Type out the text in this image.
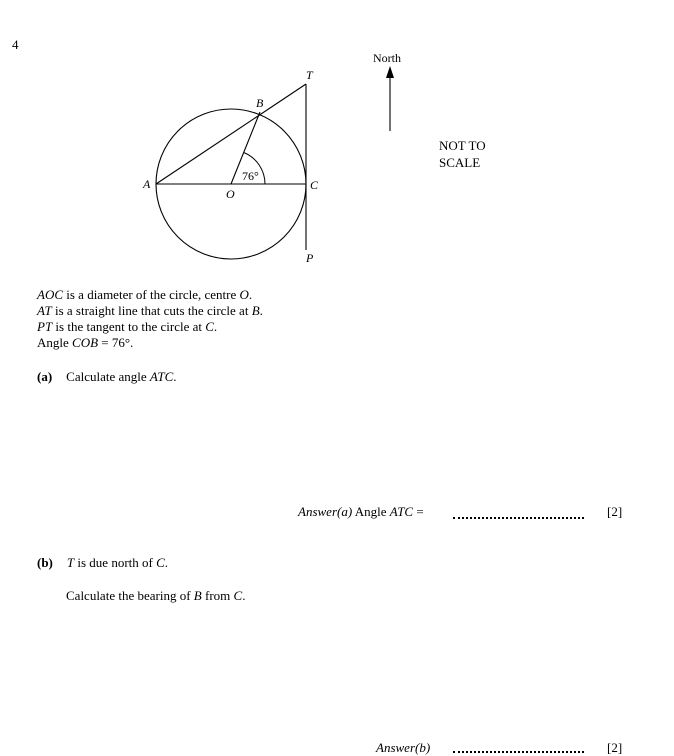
4
A
B
O
C
T
P
76°
North
NOT TO
SCALE
AOC is a diameter of the circle, centre O.
AT is a straight line that cuts the circle at B.
PT is the tangent to the circle at C.
Angle COB = 76°.
(a) Calculate angle ATC.
Answer(a) Angle ATC =	[2]
(b) T is due north of C.
Calculate the bearing of B from C.
Answer(b)	[2]
